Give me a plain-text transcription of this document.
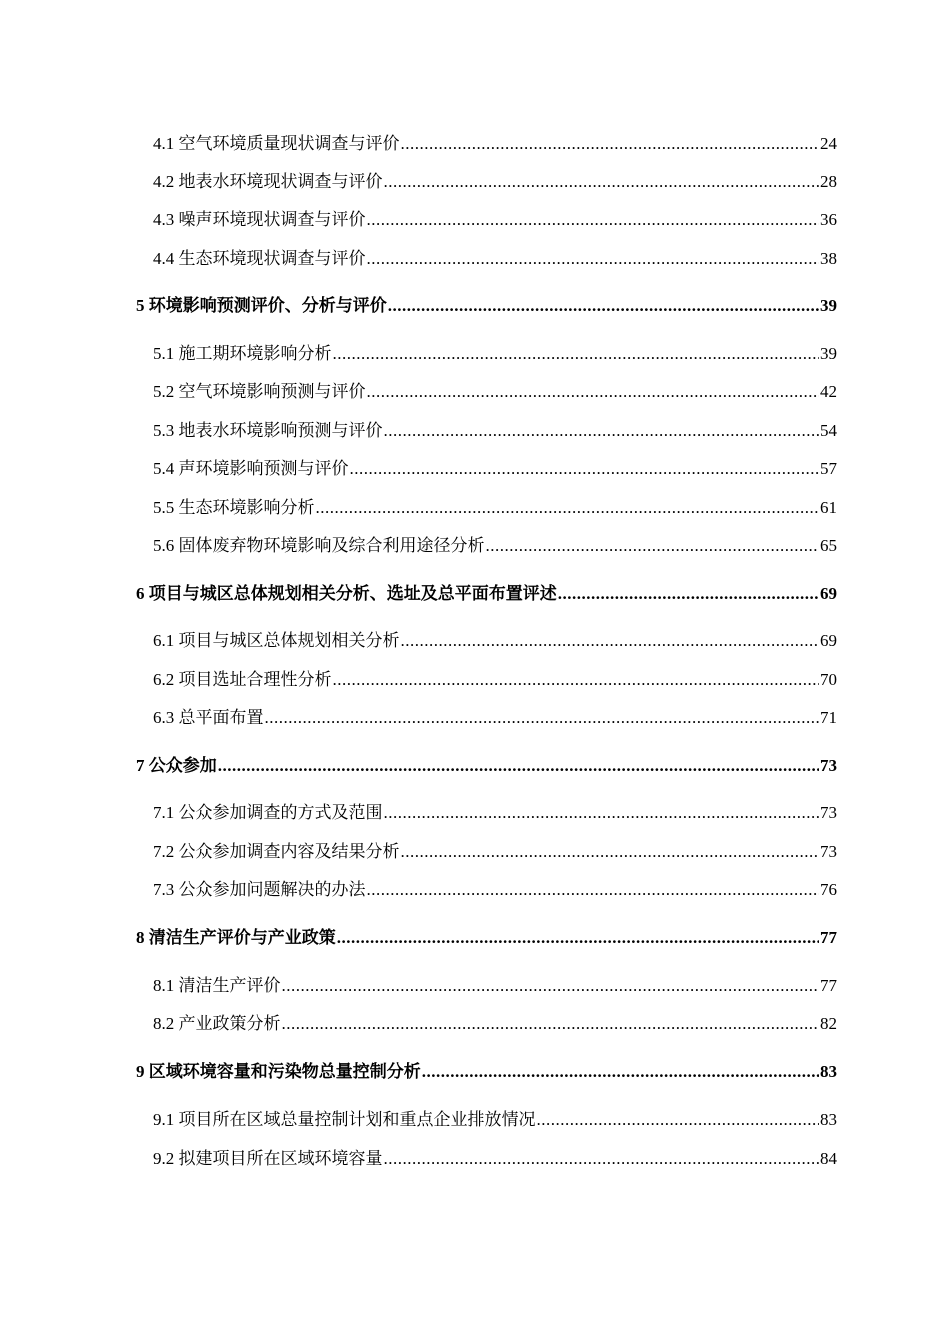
4.1 空气环境质量现状调查与评价 .....	24
4.2 地表水环境现状调查与评价 .....	28
4.3 噪声环境现状调查与评价 .....	36
4.4 生态环境现状调查与评价 .....	38
5 环境影响预测评价、分析与评价 .....	39
5.1 施工期环境影响分析 .....	39
5.2 空气环境影响预测与评价 .....	42
5.3 地表水环境影响预测与评价 .....	54
5.4 声环境影响预测与评价 .....	57
5.5 生态环境影响分析 .....	61
5.6 固体废弃物环境影响及综合利用途径分析 .....	65
6 项目与城区总体规划相关分析、选址及总平面布置评述 .....	69
6.1 项目与城区总体规划相关分析 .....	69
6.2 项目选址合理性分析 .....	70
6.3 总平面布置 .....	71
7 公众参加 .....	73
7.1 公众参加调查的方式及范围 .....	73
7.2 公众参加调查内容及结果分析 .....	73
7.3 公众参加问题解决的办法 .....	76
8 清洁生产评价与产业政策 .....	77
8.1 清洁生产评价 .....	77
8.2 产业政策分析 .....	82
9 区域环境容量和污染物总量控制分析 .....	83
9.1 项目所在区域总量控制计划和重点企业排放情况 .....	83
9.2 拟建项目所在区域环境容量 .....	84
